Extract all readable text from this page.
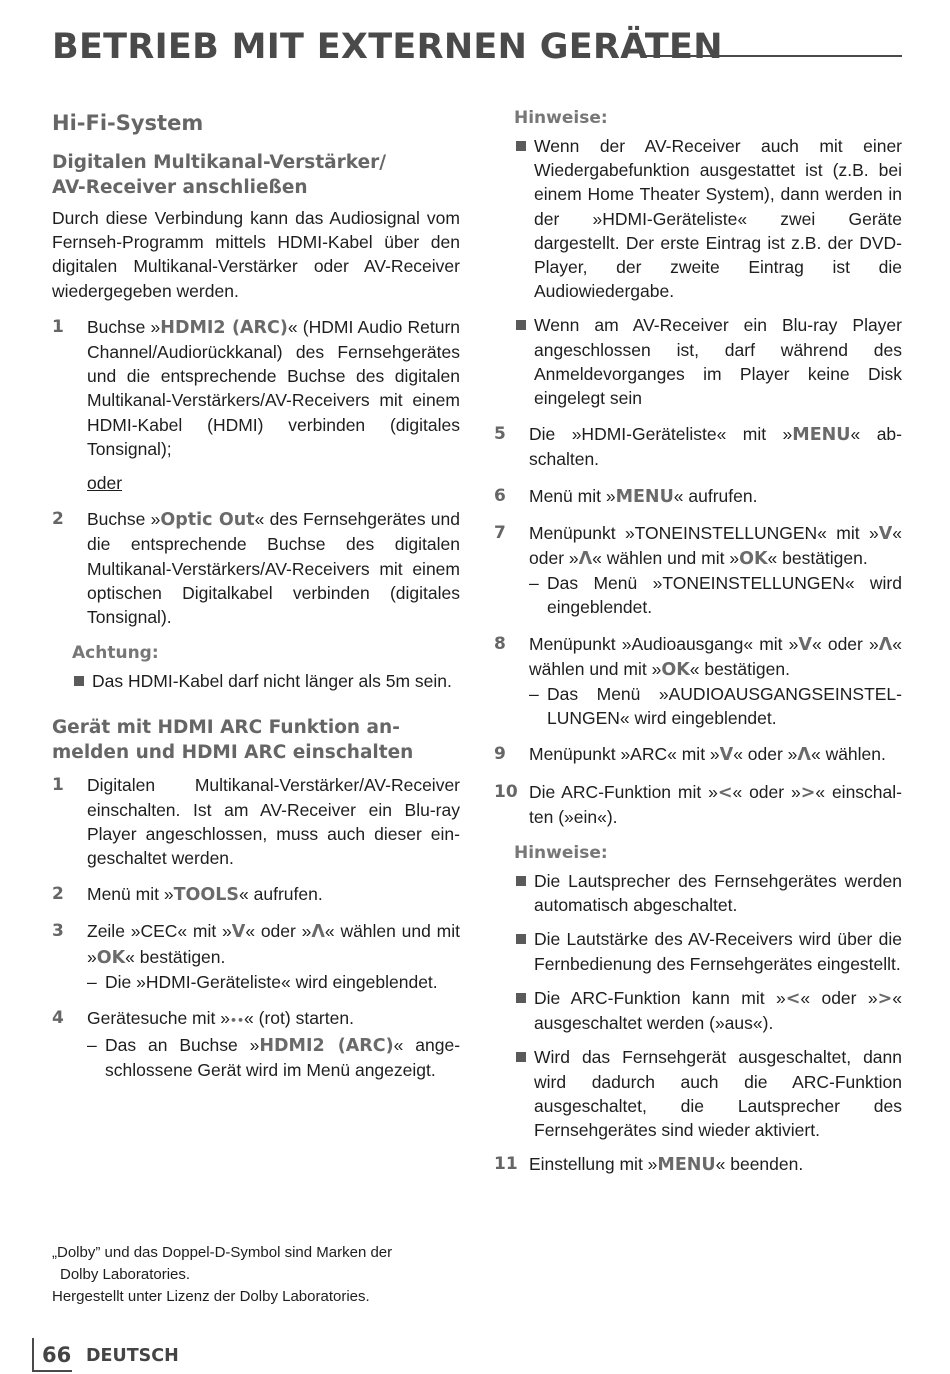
BETRIEB MIT EXTERNEN GERÄTEN
Hi-Fi-System
Digitalen Multikanal-Verstärker/
AV-Receiver anschließen

Durch diese Verbindung kann das Audiosignal vom Fernseh-Programm mittels HDMI-Kabel über den digitalen Multikanal-Verstärker oder AV-Receiver wiedergegeben werden.

1 Buchse »HDMI2 (ARC)« (HDMI Audio Return Channel/Audiorückkanal) des Fernsehgerätes und die entsprechende Buchse des digitalen Multikanal-Verstärkers/AV-Receivers mit einem HDMI-Kabel (HDMI) verbinden (digitales Tonsignal);

oder

2 Buchse »Optic Out« des Fernsehgerätes und die entsprechende Buchse des digitalen Multikanal-Verstärkers/AV-Receivers mit einem optischen Digitalkabel verbinden (digitales Tonsignal).
Achtung:
Das HDMI-Kabel darf nicht länger als 5m sein.
Gerät mit HDMI ARC Funktion an-
melden und HDMI ARC einschalten
1 Digitalen Multikanal-Verstärker/AV-Receiver einschalten. Ist am AV-Receiver ein Blu-ray Player angeschlossen, muss auch dieser eingeschaltet werden.
2 Menü mit »TOOLS« aufrufen.
3 Zeile »CEC« mit »V« oder »Λ« wählen und mit »OK« bestätigen.
– Die »HDMI-Geräteliste« wird eingeblendet.
4 Gerätesuche mit »••« (rot) starten.
– Das an Buchse »HDMI2 (ARC)« angeschlossene Gerät wird im Menü angezeigt.
Hinweise:
Wenn der AV-Receiver auch mit einer Wiedergabefunktion ausgestattet ist (z.B. bei einem Home Theater System), dann werden in der »HDMI-Geräteliste« zwei Geräte dargestellt. Der erste Eintrag ist z.B. der DVD-Player, der zweite Eintrag ist die Audiowiedergabe.
Wenn am AV-Receiver ein Blu-ray Player angeschlossen ist, darf während des Anmeldevorganges im Player keine Disk eingelegt sein
5 Die »HDMI-Geräteliste« mit »MENU« abschalten.
6 Menü mit »MENU« aufrufen.
7 Menüpunkt »TONEINSTELLUNGEN« mit »V« oder »Λ« wählen und mit »OK« bestätigen.
– Das Menü »TONEINSTELLUNGEN« wird eingeblendet.
8 Menüpunkt »Audioausgang« mit »V« oder »Λ« wählen und mit »OK« bestätigen.
– Das Menü »AUDIOAUSGANGSEINSTELLUNGEN« wird eingeblendet.
9 Menüpunkt »ARC« mit »V« oder »Λ« wählen.
10 Die ARC-Funktion mit »<« oder »>« einschalten (»ein«).
Hinweise:
Die Lautsprecher des Fernsehgerätes werden automatisch abgeschaltet.
Die Lautstärke des AV-Receivers wird über die Fernbedienung des Fernsehgerätes eingestellt.
Die ARC-Funktion kann mit »<« oder »>« ausgeschaltet werden (»aus«).
Wird das Fernsehgerät ausgeschaltet, dann wird dadurch auch die ARC-Funktion ausgeschaltet, die Lautsprecher des Fernsehgerätes sind wieder aktiviert.
11 Einstellung mit »MENU« beenden.
„Dolby” und das Doppel-D-Symbol sind Marken der
Dolby Laboratories.
Hergestellt unter Lizenz der Dolby Laboratories.
66 DEUTSCH
